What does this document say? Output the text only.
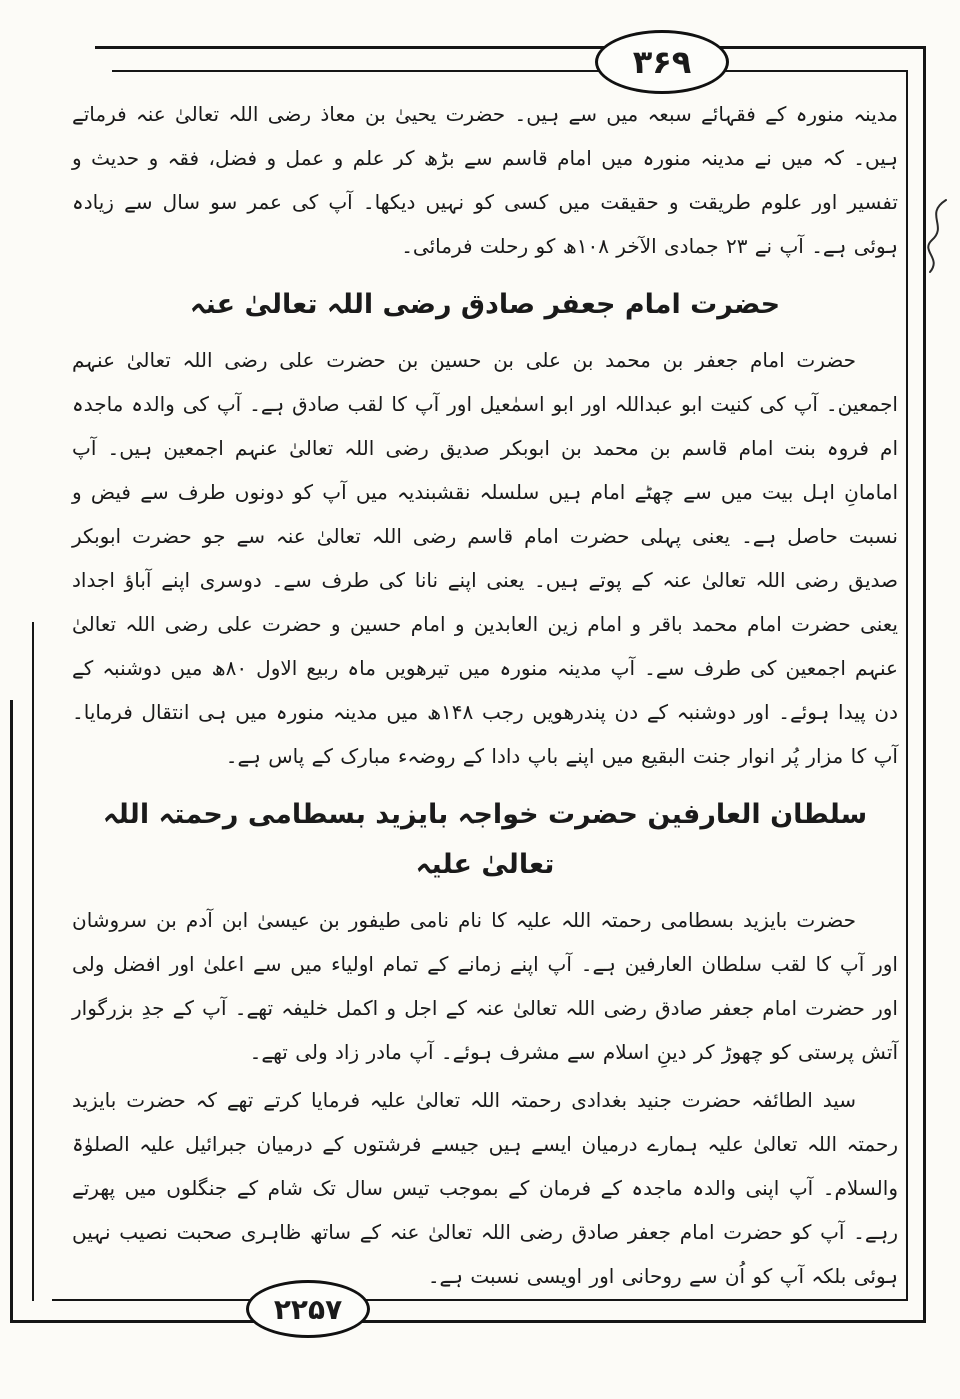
۳۶۹

مدینہ منورہ کے فقہائے سبعہ میں سے ہیں۔ حضرت یحییٰ بن معاذ رضی اللہ تعالیٰ عنہ فرماتے ہیں۔ کہ میں نے مدینہ منورہ میں امام قاسم سے بڑھ کر علم و عمل و فضل، فقہ و حدیث و تفسیر اور علوم طریقت و حقیقت میں کسی کو نہیں دیکھا۔ آپ کی عمر سو سال سے زیادہ ہوئی ہے۔ آپ نے ۲۳ جمادی الآخر ۱۰۸ھ کو رحلت فرمائی۔

حضرت امام جعفر صادق رضی اللہ تعالیٰ عنہ

حضرت امام جعفر بن محمد بن علی بن حسین بن حضرت علی رضی اللہ تعالیٰ عنہم اجمعین۔ آپ کی کنیت ابو عبداللہ اور ابو اسمٰعیل اور آپ کا لقب صادق ہے۔ آپ کی والدہ ماجدہ ام فروہ بنت امام قاسم بن محمد بن ابوبکر صدیق رضی اللہ تعالیٰ عنہم اجمعین ہیں۔ آپ امامانِ اہل بیت میں سے چھٹے امام ہیں سلسلہ نقشبندیہ میں آپ کو دونوں طرف سے فیض و نسبت حاصل ہے۔ یعنی پہلی حضرت امام قاسم رضی اللہ تعالیٰ عنہ سے جو حضرت ابوبکر صدیق رضی اللہ تعالیٰ عنہ کے پوتے ہیں۔ یعنی اپنے نانا کی طرف سے۔ دوسری اپنے آباؤ اجداد یعنی حضرت امام محمد باقر و امام زین العابدین و امام حسین و حضرت علی رضی اللہ تعالیٰ عنہم اجمعین کی طرف سے۔ آپ مدینہ منورہ میں تیرھویں ماہ ربیع الاول ۸۰ھ میں دوشنبہ کے دن پیدا ہوئے۔ اور دوشنبہ کے دن پندرھویں رجب ۱۴۸ھ میں مدینہ منورہ میں ہی انتقال فرمایا۔ آپ کا مزار پُر انوار جنت البقیع میں اپنے باپ دادا کے روضہء مبارک کے پاس ہے۔

سلطان العارفین حضرت خواجہ بایزید بسطامی رحمتہ اللہ تعالیٰ علیہ

حضرت بایزید بسطامی رحمتہ اللہ علیہ کا نام نامی طیفور بن عیسیٰ ابن آدم بن سروشان اور آپ کا لقب سلطان العارفین ہے۔ آپ اپنے زمانے کے تمام اولیاء میں سے اعلیٰ اور افضل ولی اور حضرت امام جعفر صادق رضی اللہ تعالیٰ عنہ کے اجل و اکمل خلیفہ تھے۔ آپ کے جدِ بزرگوار آتش پرستی کو چھوڑ کر دینِ اسلام سے مشرف ہوئے۔ آپ مادر زاد ولی تھے۔

سید الطائفہ حضرت جنید بغدادی رحمتہ اللہ تعالیٰ علیہ فرمایا کرتے تھے کہ حضرت بایزید رحمتہ اللہ تعالیٰ علیہ ہمارے درمیان ایسے ہیں جیسے فرشتوں کے درمیان جبرائیل علیہ الصلوٰۃ والسلام۔ آپ اپنی والدہ ماجدہ کے فرمان کے بموجب تیس سال تک شام کے جنگلوں میں پھرتے رہے۔ آپ کو حضرت امام جعفر صادق رضی اللہ تعالیٰ عنہ کے ساتھ ظاہری صحبت نصیب نہیں ہوئی بلکہ آپ کو اُن سے روحانی اور اویسی نسبت ہے۔

۲۲۵۷
